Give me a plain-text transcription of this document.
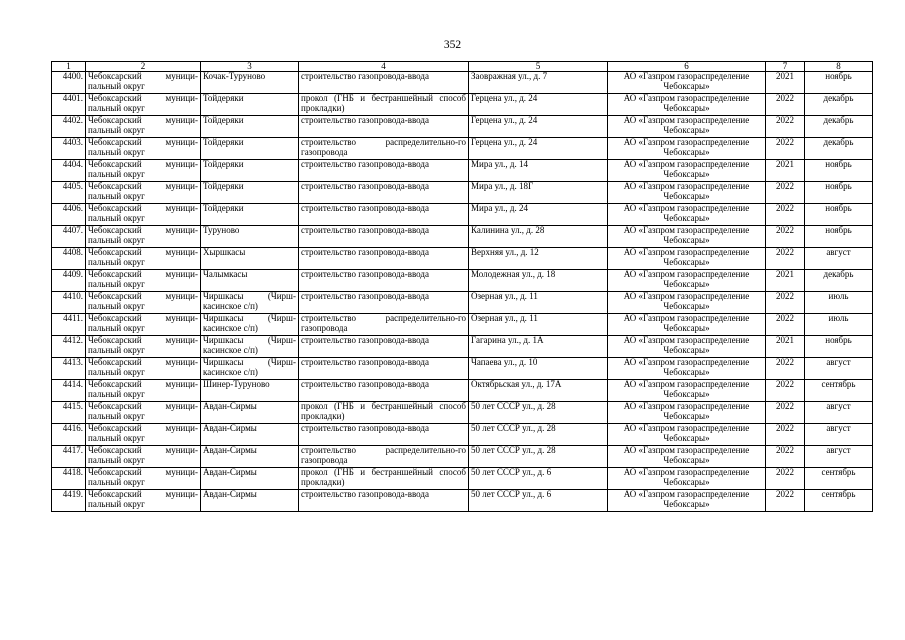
352
1	2	3	4	5	6	7	8
4400.	Чебоксарский муници-пальный округ	Кочак-Туруново	строительство газопровода-ввода	Заовражная ул., д. 7	АО «Газпром газораспределение Чебоксары»	2021	ноябрь
4401.	Чебоксарский муници-пальный округ	Тойдеряки	прокол (ГНБ и бестраншейный способ прокладки)	Герцена ул., д. 24	АО «Газпром газораспределение Чебоксары»	2022	декабрь
4402.	Чебоксарский муници-пальный округ	Тойдеряки	строительство газопровода-ввода	Герцена ул., д. 24	АО «Газпром газораспределение Чебоксары»	2022	декабрь
4403.	Чебоксарский муници-пальный округ	Тойдеряки	строительство распределительно-го газопровода	Герцена ул., д. 24	АО «Газпром газораспределение Чебоксары»	2022	декабрь
4404.	Чебоксарский муници-пальный округ	Тойдеряки	строительство газопровода-ввода	Мира ул., д. 14	АО «Газпром газораспределение Чебоксары»	2021	ноябрь
4405.	Чебоксарский муници-пальный округ	Тойдеряки	строительство газопровода-ввода	Мира ул., д. 18Г	АО «Газпром газораспределение Чебоксары»	2022	ноябрь
4406.	Чебоксарский муници-пальный округ	Тойдеряки	строительство газопровода-ввода	Мира ул., д. 24	АО «Газпром газораспределение Чебоксары»	2022	ноябрь
4407.	Чебоксарский муници-пальный округ	Туруново	строительство газопровода-ввода	Калинина ул., д. 28	АО «Газпром газораспределение Чебоксары»	2022	ноябрь
4408.	Чебоксарский муници-пальный округ	Хыршкасы	строительство газопровода-ввода	Верхняя ул., д. 12	АО «Газпром газораспределение Чебоксары»	2022	август
4409.	Чебоксарский муници-пальный округ	Чалымкасы	строительство газопровода-ввода	Молодежная ул., д. 18	АО «Газпром газораспределение Чебоксары»	2021	декабрь
4410.	Чебоксарский муници-пальный округ	Чиршкасы (Чирш-касинское с/п)	строительство газопровода-ввода	Озерная ул., д. 11	АО «Газпром газораспределение Чебоксары»	2022	июль
4411.	Чебоксарский муници-пальный округ	Чиршкасы (Чирш-касинское с/п)	строительство распределительно-го газопровода	Озерная ул., д. 11	АО «Газпром газораспределение Чебоксары»	2022	июль
4412.	Чебоксарский муници-пальный округ	Чиршкасы (Чирш-касинское с/п)	строительство газопровода-ввода	Гагарина ул., д. 1А	АО «Газпром газораспределение Чебоксары»	2021	ноябрь
4413.	Чебоксарский муници-пальный округ	Чиршкасы (Чирш-касинское с/п)	строительство газопровода-ввода	Чапаева ул., д. 10	АО «Газпром газораспределение Чебоксары»	2022	август
4414.	Чебоксарский муници-пальный округ	Шинер-Туруново	строительство газопровода-ввода	Октябрьская ул., д. 17А	АО «Газпром газораспределение Чебоксары»	2022	сентябрь
4415.	Чебоксарский муници-пальный округ	Авдан-Сирмы	прокол (ГНБ и бестраншейный способ прокладки)	50 лет СССР ул., д. 28	АО «Газпром газораспределение Чебоксары»	2022	август
4416.	Чебоксарский муници-пальный округ	Авдан-Сирмы	строительство газопровода-ввода	50 лет СССР ул., д. 28	АО «Газпром газораспределение Чебоксары»	2022	август
4417.	Чебоксарский муници-пальный округ	Авдан-Сирмы	строительство распределительно-го газопровода	50 лет СССР ул., д. 28	АО «Газпром газораспределение Чебоксары»	2022	август
4418.	Чебоксарский муници-пальный округ	Авдан-Сирмы	прокол (ГНБ и бестраншейный способ прокладки)	50 лет СССР ул., д. 6	АО «Газпром газораспределение Чебоксары»	2022	сентябрь
4419.	Чебоксарский муници-пальный округ	Авдан-Сирмы	строительство газопровода-ввода	50 лет СССР ул., д. 6	АО «Газпром газораспределение Чебоксары»	2022	сентябрь
